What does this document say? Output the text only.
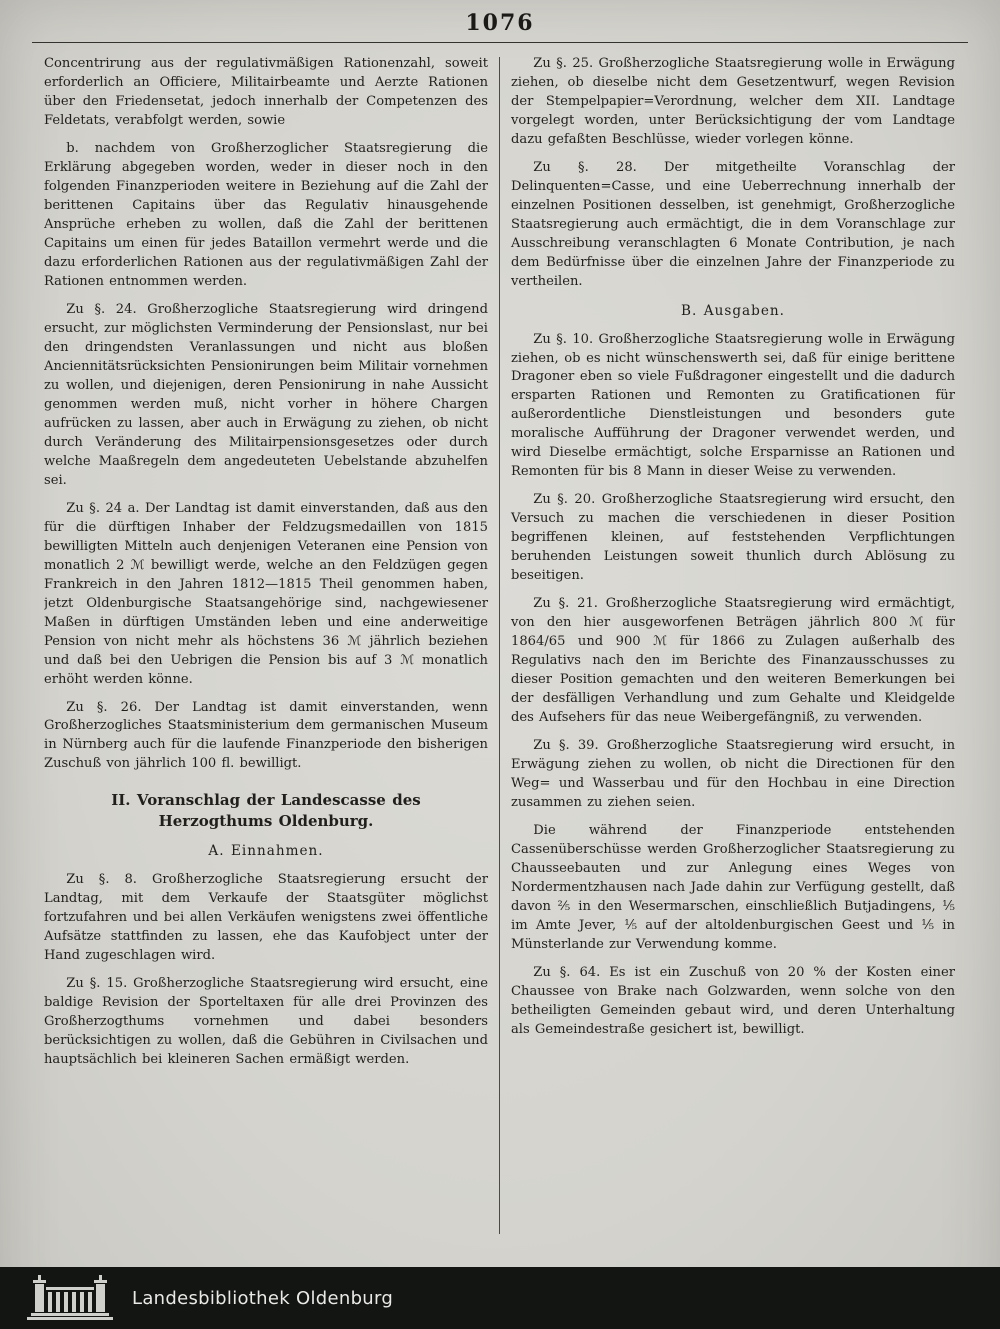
1076

Concentrirung aus der regulativmäßigen Rationenzahl, soweit erforderlich an Officiere, Militairbeamte und Aerzte Rationen über den Friedensetat, jedoch innerhalb der Competenzen des Feldetats, verabfolgt werden, sowie

b. nachdem von Großherzoglicher Staatsregierung die Erklärung abgegeben worden, weder in dieser noch in den folgenden Finanzperioden weitere in Beziehung auf die Zahl der berittenen Capitains über das Regulativ hinausgehende Ansprüche erheben zu wollen, daß die Zahl der berittenen Capitains um einen für jedes Bataillon vermehrt werde und die dazu erforderlichen Rationen aus der regulativmäßigen Zahl der Rationen entnommen werden.

Zu §. 24. Großherzogliche Staatsregierung wird dringend ersucht, zur möglichsten Verminderung der Pensionslast, nur bei den dringendsten Veranlassungen und nicht aus bloßen Anciennitätsrücksichten Pensionirungen beim Militair vornehmen zu wollen, und diejenigen, deren Pensionirung in nahe Aussicht genommen werden muß, nicht vorher in höhere Chargen aufrücken zu lassen, aber auch in Erwägung zu ziehen, ob nicht durch Veränderung des Militairpensionsgesetzes oder durch welche Maaßregeln dem angedeuteten Uebelstande abzuhelfen sei.

Zu §. 24 a. Der Landtag ist damit einverstanden, daß aus den für die dürftigen Inhaber der Feldzugsmedaillen von 1815 bewilligten Mitteln auch denjenigen Veteranen eine Pension von monatlich 2 ℳ bewilligt werde, welche an den Feldzügen gegen Frankreich in den Jahren 1812—1815 Theil genommen haben, jetzt Oldenburgische Staatsangehörige sind, nachgewiesener Maßen in dürftigen Umständen leben und eine anderweitige Pension von nicht mehr als höchstens 36 ℳ jährlich beziehen und daß bei den Uebrigen die Pension bis auf 3 ℳ monatlich erhöht werden könne.

Zu §. 26. Der Landtag ist damit einverstanden, wenn Großherzogliches Staatsministerium dem germanischen Museum in Nürnberg auch für die laufende Finanzperiode den bisherigen Zuschuß von jährlich 100 fl. bewilligt.

II. Voranschlag der Landescasse des Herzogthums Oldenburg.

A. Einnahmen.

Zu §. 8. Großherzogliche Staatsregierung ersucht der Landtag, mit dem Verkaufe der Staatsgüter möglichst fortzufahren und bei allen Verkäufen wenigstens zwei öffentliche Aufsätze stattfinden zu lassen, ehe das Kaufobject unter der Hand zugeschlagen wird.

Zu §. 15. Großherzogliche Staatsregierung wird ersucht, eine baldige Revision der Sporteltaxen für alle drei Provinzen des Großherzogthums vornehmen und dabei besonders berücksichtigen zu wollen, daß die Gebühren in Civilsachen und hauptsächlich bei kleineren Sachen ermäßigt werden.

Zu §. 25. Großherzogliche Staatsregierung wolle in Erwägung ziehen, ob dieselbe nicht dem Gesetzentwurf, wegen Revision der Stempelpapier=Verordnung, welcher dem XII. Landtage vorgelegt worden, unter Berücksichtigung der vom Landtage dazu gefaßten Beschlüsse, wieder vorlegen könne.

Zu §. 28. Der mitgetheilte Voranschlag der Delinquenten=Casse, und eine Ueberrechnung innerhalb der einzelnen Positionen desselben, ist genehmigt, Großherzogliche Staatsregierung auch ermächtigt, die in dem Voranschlage zur Ausschreibung veranschlagten 6 Monate Contribution, je nach dem Bedürfnisse über die einzelnen Jahre der Finanzperiode zu vertheilen.

B. Ausgaben.

Zu §. 10. Großherzogliche Staatsregierung wolle in Erwägung ziehen, ob es nicht wünschenswerth sei, daß für einige berittene Dragoner eben so viele Fußdragoner eingestellt und die dadurch ersparten Rationen und Remonten zu Gratificationen für außerordentliche Dienstleistungen und besonders gute moralische Aufführung der Dragoner verwendet werden, und wird Dieselbe ermächtigt, solche Ersparnisse an Rationen und Remonten für bis 8 Mann in dieser Weise zu verwenden.

Zu §. 20. Großherzogliche Staatsregierung wird ersucht, den Versuch zu machen die verschiedenen in dieser Position begriffenen kleinen, auf feststehenden Verpflichtungen beruhenden Leistungen soweit thunlich durch Ablösung zu beseitigen.

Zu §. 21. Großherzogliche Staatsregierung wird ermächtigt, von den hier ausgeworfenen Beträgen jährlich 800 ℳ für 1864/65 und 900 ℳ für 1866 zu Zulagen außerhalb des Regulativs nach den im Berichte des Finanzausschusses zu dieser Position gemachten und den weiteren Bemerkungen bei der desfälligen Verhandlung und zum Gehalte und Kleidgelde des Aufsehers für das neue Weibergefängniß, zu verwenden.

Zu §. 39. Großherzogliche Staatsregierung wird ersucht, in Erwägung ziehen zu wollen, ob nicht die Directionen für den Weg= und Wasserbau und für den Hochbau in eine Direction zusammen zu ziehen seien.

Die während der Finanzperiode entstehenden Cassenüberschüsse werden Großherzoglicher Staatsregierung zu Chausseebauten und zur Anlegung eines Weges von Nordermentzhausen nach Jade dahin zur Verfügung gestellt, daß davon ⅖ in den Wesermarschen, einschließlich Butjadingens, ⅕ im Amte Jever, ⅕ auf der altoldenburgischen Geest und ⅕ in Münsterlande zur Verwendung komme.

Zu §. 64. Es ist ein Zuschuß von 20 % der Kosten einer Chaussee von Brake nach Golzwarden, wenn solche von den betheiligten Gemeinden gebaut wird, und deren Unterhaltung als Gemeindestraße gesichert ist, bewilligt.

Landesbibliothek Oldenburg
